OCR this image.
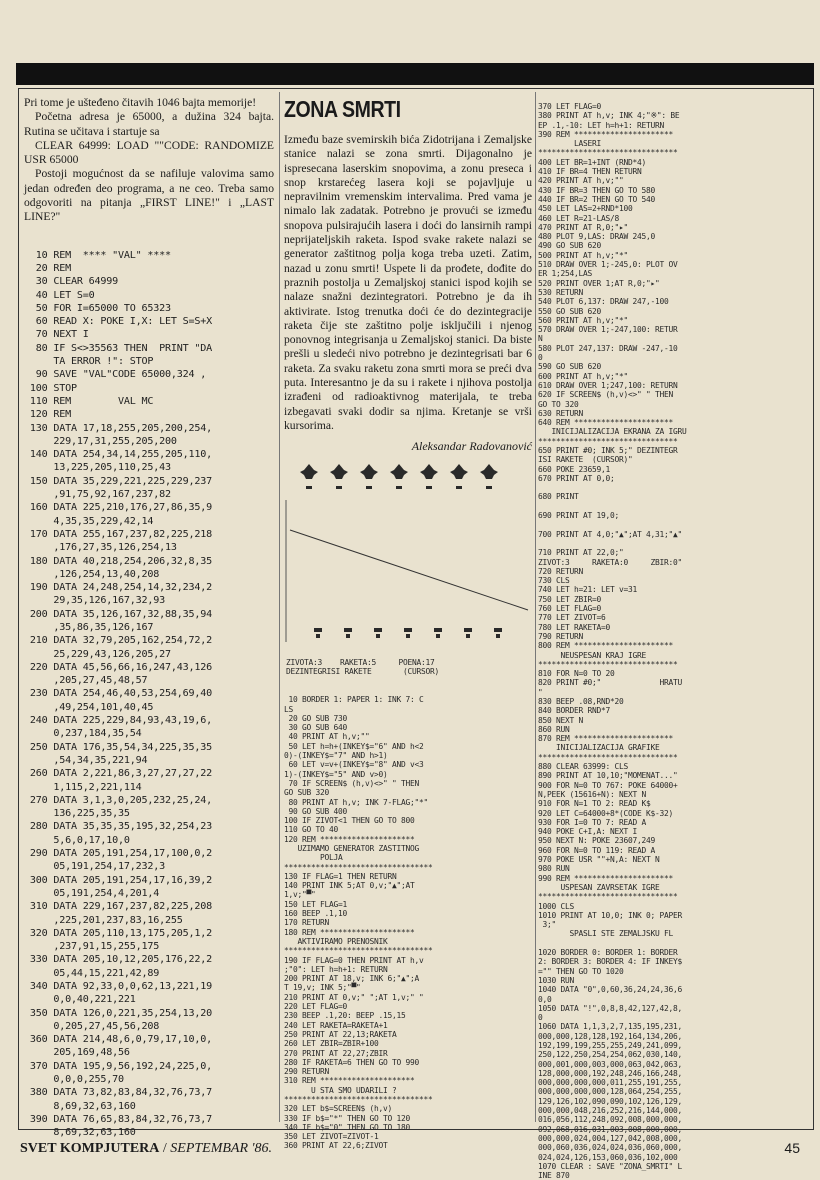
Pri tome je ušteđeno čitavih 1046 bajta memorije!

Početna adresa je 65000, a dužina 324 bajta. Rutina se učitava i startuje sa

CLEAR 64999: LOAD ""CODE: RANDOMIZE USR 65000

Postoji mogućnost da se nafiluje valovima samo jedan određen deo programa, a ne ceo. Treba samo odgovoriti na pitanja „FIRST LINE!" i „LAST LINE?"

10 REM  **** "VAL" ****
20 REM
30 CLEAR 64999
40 LET S=0
50 FOR I=65000 TO 65323
60 READ X: POKE I,X: LET S=S+X
70 NEXT I
80 IF S<>35563 THEN  PRINT "DA
TA ERROR !": STOP
90 SAVE "VAL"CODE 65000,324 ,
100 STOP
110 REM        VAL MC
120 REM
130 DATA 17,18,255,205,200,254,
229,17,31,255,205,200
140 DATA 254,34,14,255,205,110,
13,225,205,110,25,43
150 DATA 35,229,221,225,229,237
,91,75,92,167,237,82
160 DATA 225,210,176,27,86,35,9
4,35,35,229,42,14
170 DATA 255,167,237,82,225,218
,176,27,35,126,254,13
180 DATA 40,218,254,206,32,8,35
,126,254,13,40,208
190 DATA 24,248,254,14,32,234,2
29,35,126,167,32,93
200 DATA 35,126,167,32,88,35,94
,35,86,35,126,167
210 DATA 32,79,205,162,254,72,2
25,229,43,126,205,27
220 DATA 45,56,66,16,247,43,126
,205,27,45,48,57
230 DATA 254,46,40,53,254,69,40
,49,254,101,40,45
240 DATA 225,229,84,93,43,19,6,
0,237,184,35,54
250 DATA 176,35,54,34,225,35,35
,54,34,35,221,94
260 DATA 2,221,86,3,27,27,27,22
1,115,2,221,114
270 DATA 3,1,3,0,205,232,25,24,
136,225,35,35
280 DATA 35,35,35,195,32,254,23
5,6,0,17,10,0
290 DATA 205,191,254,17,100,0,2
05,191,254,17,232,3
300 DATA 205,191,254,17,16,39,2
05,191,254,4,201,4
310 DATA 229,167,237,82,225,208
,225,201,237,83,16,255
320 DATA 205,110,13,175,205,1,2
,237,91,15,255,175
330 DATA 205,10,12,205,176,22,2
05,44,15,221,42,89
340 DATA 92,33,0,0,62,13,221,19
0,0,40,221,221
350 DATA 126,0,221,35,254,13,20
0,205,27,45,56,208
360 DATA 214,48,6,0,79,17,10,0,
205,169,48,56
370 DATA 195,9,56,192,24,225,0,
0,0,0,255,70
380 DATA 73,82,83,84,32,76,73,7
8,69,32,63,160
390 DATA 76,65,83,84,32,76,73,7
8,69,32,63,160
ZONA SMRTI

Između baze svemirskih bića Zidotrijana i Zemaljske stanice nalazi se zona smrti. Dijagonalno je ispresecana laserskim snopovima, a zonu preseca i snop krstarećeg lasera koji se pojavljuje u nepravilnim vremenskim intervalima. Pred vama je nimalo lak zadatak. Potrebno je provući se između snopova pulsirajućih lasera i doći do lansirnih rampi neprijateljskih raketa. Ispod svake rakete nalazi se generator zaštitnog polja koga treba uzeti. Zatim, nazad u zonu smrti! Uspete li da prođete, dođite do praznih postolja u Zemaljskoj stanici ispod kojih se nalaze snažni dezintegratori. Potrebno je da ih aktivirate. Istog trenutka doći će do dezintegracije raketa čije ste zaštitno polje isključili i njenog ponovnog integrisanja u Zemaljskoj stanici. Da biste prešli u sledeći nivo potrebno je dezintegrisati bar 6 raketa. Za svaku raketu zona smrti mora se preći dva puta. Interesantno je da su i rakete i njihova postolja izrađeni od radioaktivnog materijala, te treba izbegavati svaki dodir sa njima. Kretanje se vrši kursorima.

Aleksandar Radovanović

ZIVOTA:3    RAKETA:5     POENA:17
DEZINTEGRISI RAKETE       (CURSOR)
10 BORDER 1: PAPER 1: INK 7: C
LS
20 GO SUB 730
30 GO SUB 640
40 PRINT AT h,v;""
50 LET h=h+(INKEY$="6" AND h<2
0)-(INKEY$="7" AND h>1)
60 LET v=v+(INKEY$="8" AND v<3
1)-(INKEY$="5" AND v>0)
70 IF SCREEN$ (h,v)<>" " THEN
GO SUB 320
80 PRINT AT h,v; INK 7-FLAG;"*"
90 GO SUB 400
100 IF ZIVOT<1 THEN GO TO 800
110 GO TO 40
120 REM *********************
UZIMAMO GENERATOR ZASTITNOG
POLJA
*********************************
130 IF FLAG=1 THEN RETURN
140 PRINT INK 5;AT 0,v;"▲";AT
1,v;"▀"
150 LET FLAG=1
160 BEEP .1,10
170 RETURN
180 REM *********************
AKTIVIRAMO PRENOSNIK
*********************************
190 IF FLAG=0 THEN PRINT AT h,v
;"0": LET h=h+1: RETURN
200 PRINT AT 18,v; INK 6;"▲";A
T 19,v; INK 5;"▀"
210 PRINT AT 0,v;" ";AT 1,v;" "
220 LET FLAG=0
230 BEEP .1,20: BEEP .15,15
240 LET RAKETA=RAKETA+1
250 PRINT AT 22,13;RAKETA
260 LET ZBIR=ZBIR+100
270 PRINT AT 22,27;ZBIR
280 IF RAKETA=6 THEN GO TO 990
290 RETURN
310 REM *********************
U STA SMO UDARILI ?
*********************************
320 LET b$=SCREEN$ (h,v)
330 IF b$="*" THEN GO TO 120
340 IF b$="0" THEN GO TO 180
350 LET ZIVOT=ZIVOT-1
360 PRINT AT 22,6;ZIVOT
370 LET FLAG=0
380 PRINT AT h,v; INK 4;"※": BE
EP .1,-10: LET h=h+1: RETURN
390 REM **********************
LASERI
*******************************
400 LET BR=1+INT (RND*4)
410 IF BR=4 THEN RETURN
420 PRINT AT h,v;""
430 IF BR=3 THEN GO TO 580
440 IF BR=2 THEN GO TO 540
450 LET LAS=2+RND*100
460 LET R=21-LAS/8
470 PRINT AT R,0;"▸"
480 PLOT 9,LAS: DRAW 245,0
490 GO SUB 620
500 PRINT AT h,v;"*"
510 DRAW OVER 1;-245,0: PLOT OV
ER 1;254,LAS
520 PRINT OVER 1;AT R,0;"▸"
530 RETURN
540 PLOT 6,137: DRAW 247,-100
550 GO SUB 620
560 PRINT AT h,v;"*"
570 DRAW OVER 1;-247,100: RETUR
N
580 PLOT 247,137: DRAW -247,-10
0
590 GO SUB 620
600 PRINT AT h,v;"*"
610 DRAW OVER 1;247,100: RETURN
620 IF SCREEN$ (h,v)<>" " THEN
GO TO 320
630 RETURN
640 REM **********************
INICIJALIZACIJA EKRANA ZA IGRU
*******************************
650 PRINT #0; INK 5;" DEZINTEGR
ISI RAKETE  (CURSOR)"
660 POKE 23659,1
670 PRINT AT 0,0;

680 PRINT

690 PRINT AT 19,0;

700 PRINT AT 4,0;"▲";AT 4,31;"▲"

710 PRINT AT 22,0;"
ZIVOT:3     RAKETA:0     ZBIR:0"
720 RETURN
730 CLS
740 LET h=21: LET v=31
750 LET ZBIR=0
760 LET FLAG=0
770 LET ZIVOT=6
780 LET RAKETA=0
790 RETURN
800 REM **********************
NEUSPESAN KRAJ IGRE
*******************************
810 FOR N=0 TO 20
820 PRINT #0;"             HRATU
"
830 BEEP .08,RND*20
840 BORDER RND*7
850 NEXT N
860 RUN
870 REM **********************
INICIJALIZACIJA GRAFIKE
*******************************
880 CLEAR 63999: CLS
890 PRINT AT 10,10;"MOMENAT..."
900 FOR N=0 TO 767: POKE 64000+
N,PEEK (15616+N): NEXT N
910 FOR N=1 TO 2: READ K$
920 LET C=64000+8*(CODE K$-32)
930 FOR I=0 TO 7: READ A
940 POKE C+I,A: NEXT I
950 NEXT N: POKE 23607,249
960 FOR N=0 TO 119: READ A
970 POKE USR ""+N,A: NEXT N
980 RUN
990 REM **********************
USPESAN ZAVRSETAK IGRE
*******************************
1000 CLS
1010 PRINT AT 10,0; INK 0; PAPER
3;"
SPASLI STE ZEMALJSKU FL

1020 BORDER 0: BORDER 1: BORDER
2: BORDER 3: BORDER 4: IF INKEY$
="" THEN GO TO 1020
1030 RUN
1040 DATA "0",0,60,36,24,24,36,6
0,0
1050 DATA "!",0,8,8,42,127,42,8,
0
1060 DATA 1,1,3,2,7,135,195,231,
000,000,128,128,192,164,134,206,
192,199,199,255,255,249,241,099,
250,122,250,254,254,062,030,140,
000,001,000,003,000,063,042,063,
128,000,000,192,248,246,166,248,
000,000,000,000,011,255,191,255,
000,000,000,000,128,064,254,255,
129,126,102,090,090,102,126,129,
000,000,048,216,252,216,144,000,
016,056,112,248,092,008,000,000,
092,068,016,031,003,008,000,000,
000,000,024,004,127,042,008,000,
000,060,036,024,024,036,060,000,
024,024,126,153,060,036,102,000
1070 CLEAR : SAVE "ZONA_SMRTI" L
INE 870
SVET KOMPJUTERA / SEPTEMBAR '86.	45
